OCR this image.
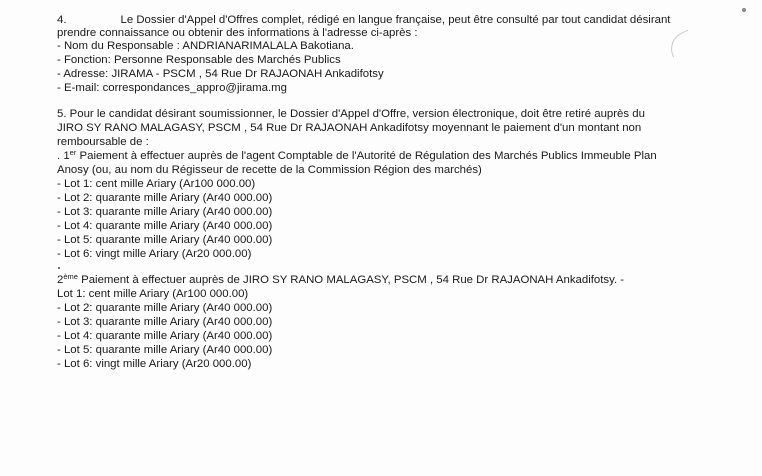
4.	Le Dossier d'Appel d'Offres complet, rédigé en langue française, peut être consulté par tout candidat désirant
prendre connaissance ou obtenir des informations à l'adresse ci-après :
- Nom du Responsable : ANDRIANARIMALALA Bakotiana.
- Fonction: Personne Responsable des Marchés Publics
- Adresse: JIRAMA - PSCM , 54 Rue Dr RAJAONAH Ankadifotsy
- E-mail: correspondances_appro@jirama.mg
5. Pour le candidat désirant soumissionner, le Dossier d'Appel d'Offre, version électronique, doit être retiré auprès du
JIRO SY RANO MALAGASY, PSCM , 54 Rue Dr RAJAONAH Ankadifotsy moyennant le paiement d'un montant non
remboursable de :
. 1er Paiement à effectuer auprès de l'agent Comptable de l'Autorité de Régulation des Marchés Publics Immeuble Plan
Anosy (ou, au nom du Régisseur de recette de la Commission Région des marchés)
- Lot 1: cent mille Ariary (Ar100 000.00)
- Lot 2: quarante mille Ariary (Ar40 000.00)
- Lot 3: quarante mille Ariary (Ar40 000.00)
- Lot 4: quarante mille Ariary (Ar40 000.00)
- Lot 5: quarante mille Ariary (Ar40 000.00)
- Lot 6: vingt mille Ariary (Ar20 000.00)
2ème Paiement à effectuer auprès de JIRO SY RANO MALAGASY, PSCM , 54 Rue Dr RAJAONAH Ankadifotsy. -
Lot 1: cent mille Ariary (Ar100 000.00)
- Lot 2: quarante mille Ariary (Ar40 000.00)
- Lot 3: quarante mille Ariary (Ar40 000.00)
- Lot 4: quarante mille Ariary (Ar40 000.00)
- Lot 5: quarante mille Ariary (Ar40 000.00)
- Lot 6: vingt mille Ariary (Ar20 000.00)
